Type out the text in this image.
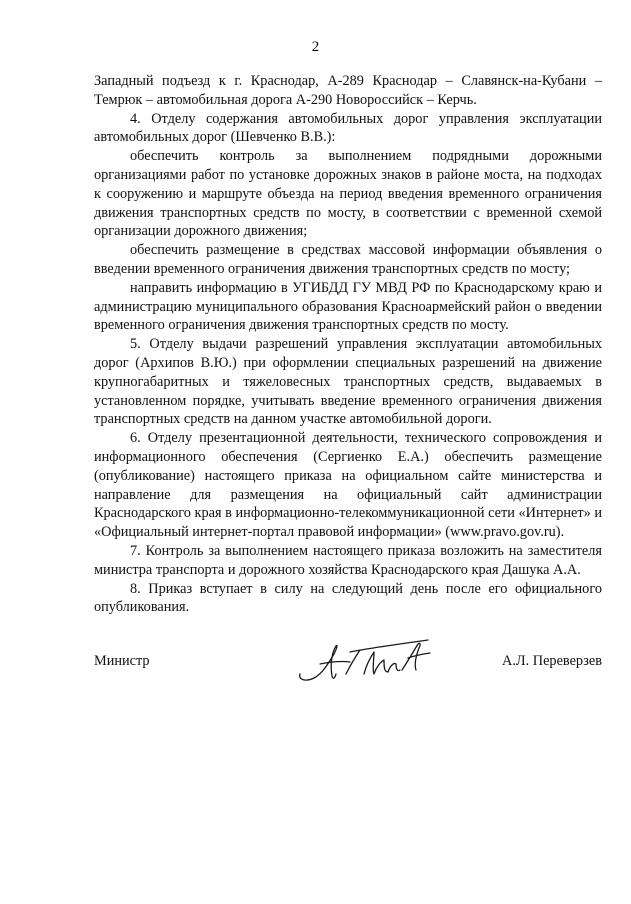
2

Западный подъезд к г. Краснодар, А-289 Краснодар – Славянск-на-Кубани – Темрюк – автомобильная дорога А-290 Новороссийск – Керчь.

4. Отделу содержания автомобильных дорог управления эксплуатации автомобильных дорог (Шевченко В.В.):

обеспечить контроль за выполнением подрядными дорожными организациями работ по установке дорожных знаков в районе моста, на подходах к сооружению и маршруте объезда на период введения временного ограничения движения транспортных средств по мосту, в соответствии с временной схемой организации дорожного движения;

обеспечить размещение в средствах массовой информации объявления о введении временного ограничения движения транспортных средств по мосту;

направить информацию в УГИБДД ГУ МВД РФ по Краснодарскому краю и администрацию муниципального образования Красноармейский район о введении временного ограничения движения транспортных средств по мосту.

5. Отделу выдачи разрешений управления эксплуатации автомобильных дорог (Архипов В.Ю.) при оформлении специальных разрешений на движение крупногабаритных и тяжеловесных транспортных средств, выдаваемых в установленном порядке, учитывать введение временного ограничения движения транспортных средств на данном участке автомобильной дороги.

6. Отделу презентационной деятельности, технического сопровождения и информационного обеспечения (Сергиенко Е.А.) обеспечить размещение (опубликование) настоящего приказа на официальном сайте министерства и направление для размещения на официальный сайт администрации Краснодарского края в информационно-телекоммуникационной сети «Интернет» и «Официальный интернет-портал правовой информации» (www.pravo.gov.ru).

7. Контроль за выполнением настоящего приказа возложить на заместителя министра транспорта и дорожного хозяйства Краснодарского края Дашука А.А.

8. Приказ вступает в силу на следующий день после его официального опубликования.

Министр	А.Л. Переверзев
